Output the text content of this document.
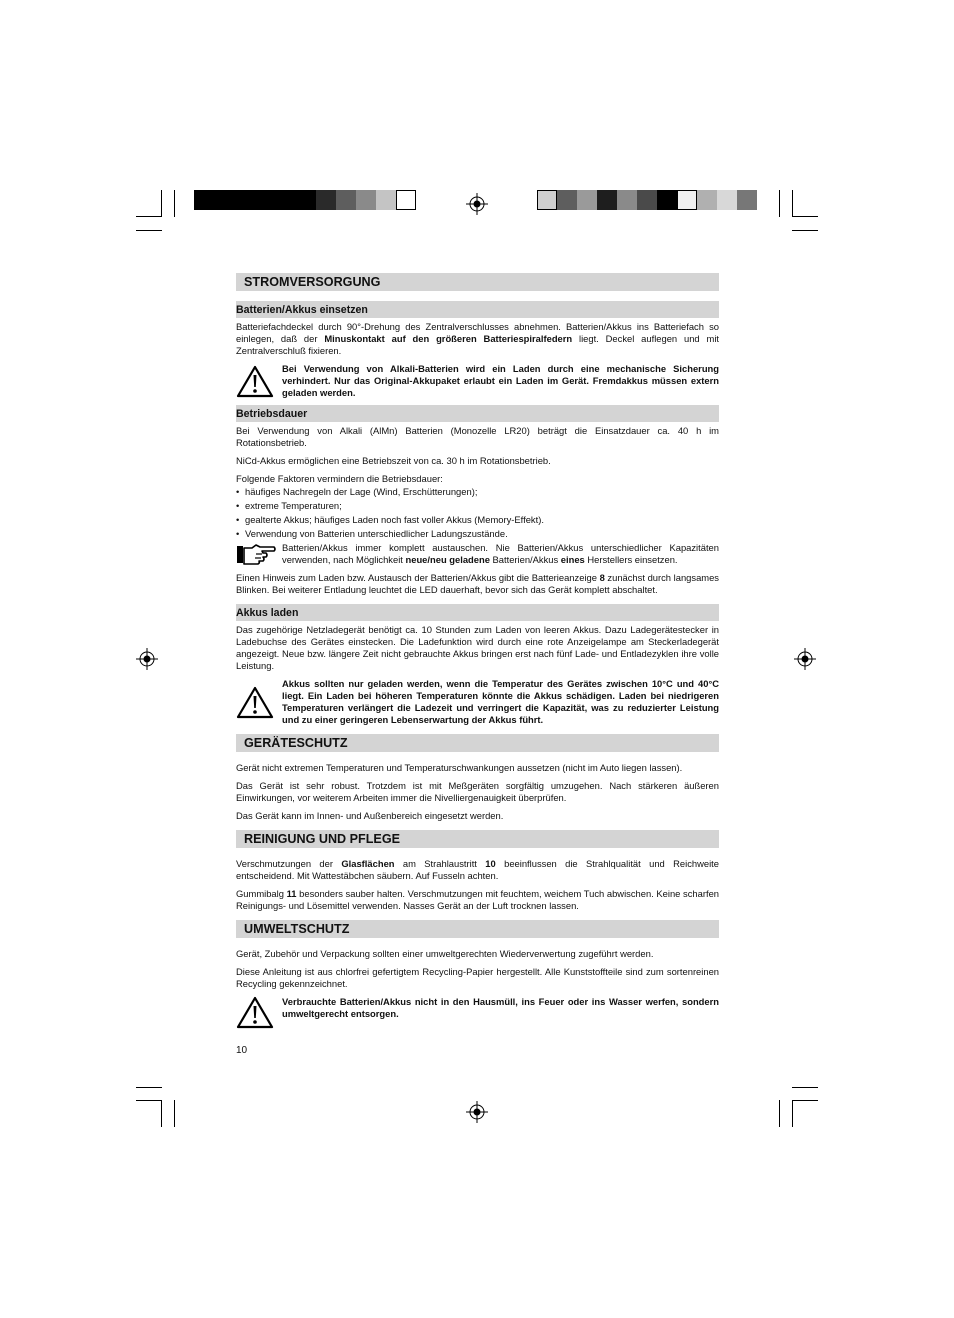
STROMVERSORGUNG
Batterien/Akkus einsetzen

Batteriefachdeckel durch 90°-Drehung des Zentralverschlusses abnehmen. Batterien/Akkus ins Batteriefach so einlegen, daß der Minuskontakt auf den größeren Batteriespiralfedern liegt. Deckel auflegen und mit Zentralverschluß fixieren.

Bei Verwendung von Alkali-Batterien wird ein Laden durch eine mechanische Sicherung verhindert. Nur das Original-Akkupaket erlaubt ein Laden im Gerät. Fremdakkus müssen extern geladen werden.
Betriebsdauer

Bei Verwendung von Alkali (AlMn) Batterien (Monozelle LR20) beträgt die Einsatzdauer ca. 40 h im Rotationsbetrieb.

NiCd-Akkus ermöglichen eine Betriebszeit von ca. 30 h im Rotationsbetrieb.

Folgende Faktoren vermindern die Betriebsdauer:

• häufiges Nachregeln der Lage (Wind, Erschütterungen);
• extreme Temperaturen;
• gealterte Akkus; häufiges Laden noch fast voller Akkus (Memory-Effekt).
• Verwendung von Batterien unterschiedlicher Ladungszustände.
Batterien/Akkus immer komplett austauschen. Nie Batterien/Akkus unterschiedlicher Kapazitäten verwenden, nach Möglichkeit neue/neu geladene Batterien/Akkus eines Herstellers einsetzen.

Einen Hinweis zum Laden bzw. Austausch der Batterien/Akkus gibt die Batterieanzeige 8 zunächst durch langsames Blinken. Bei weiterer Entladung leuchtet die LED dauerhaft, bevor sich das Gerät komplett abschaltet.

Akkus laden

Das zugehörige Netzladegerät benötigt ca. 10 Stunden zum Laden von leeren Akkus. Dazu Ladegerätestecker in Ladebuchse des Gerätes einstecken. Die Ladefunktion wird durch eine rote Anzeigelampe am Steckerladegerät angezeigt. Neue bzw. längere Zeit nicht gebrauchte Akkus bringen erst nach fünf Lade- und Entladezyklen ihre volle Leistung.

Akkus sollten nur geladen werden, wenn die Temperatur des Gerätes zwischen 10°C und 40°C liegt. Ein Laden bei höheren Temperaturen könnte die Akkus schädigen. Laden bei niedrigeren Temperaturen verlängert die Ladezeit und verringert die Kapazität, was zu reduzierter Leistung und zu einer geringeren Lebenserwartung der Akkus führt.
GERÄTESCHUTZ

Gerät nicht extremen Temperaturen und Temperaturschwankungen aussetzen (nicht im Auto liegen lassen).

Das Gerät ist sehr robust. Trotzdem ist mit Meßgeräten sorgfältig umzugehen. Nach stärkeren äußeren Einwirkungen, vor weiterem Arbeiten immer die Nivelliergenauigkeit überprüfen.

Das Gerät kann im Innen- und Außenbereich eingesetzt werden.

REINIGUNG UND PFLEGE

Verschmutzungen der Glasflächen am Strahlaustritt 10 beeinflussen die Strahlqualität und Reichweite entscheidend. Mit Wattestäbchen säubern. Auf Fusseln achten.

Gummibalg 11 besonders sauber halten. Verschmutzungen mit feuchtem, weichem Tuch abwischen. Keine scharfen Reinigungs- und Lösemittel verwenden. Nasses Gerät an der Luft trocknen lassen.

UMWELTSCHUTZ

Gerät, Zubehör und Verpackung sollten einer umweltgerechten Wiederverwertung zugeführt werden.

Diese Anleitung ist aus chlorfrei gefertigtem Recycling-Papier hergestellt. Alle Kunststoffteile sind zum sortenreinen Recycling gekennzeichnet.

Verbrauchte Batterien/Akkus nicht in den Hausmüll, ins Feuer oder ins Wasser werfen, sondern umweltgerecht entsorgen.
10
